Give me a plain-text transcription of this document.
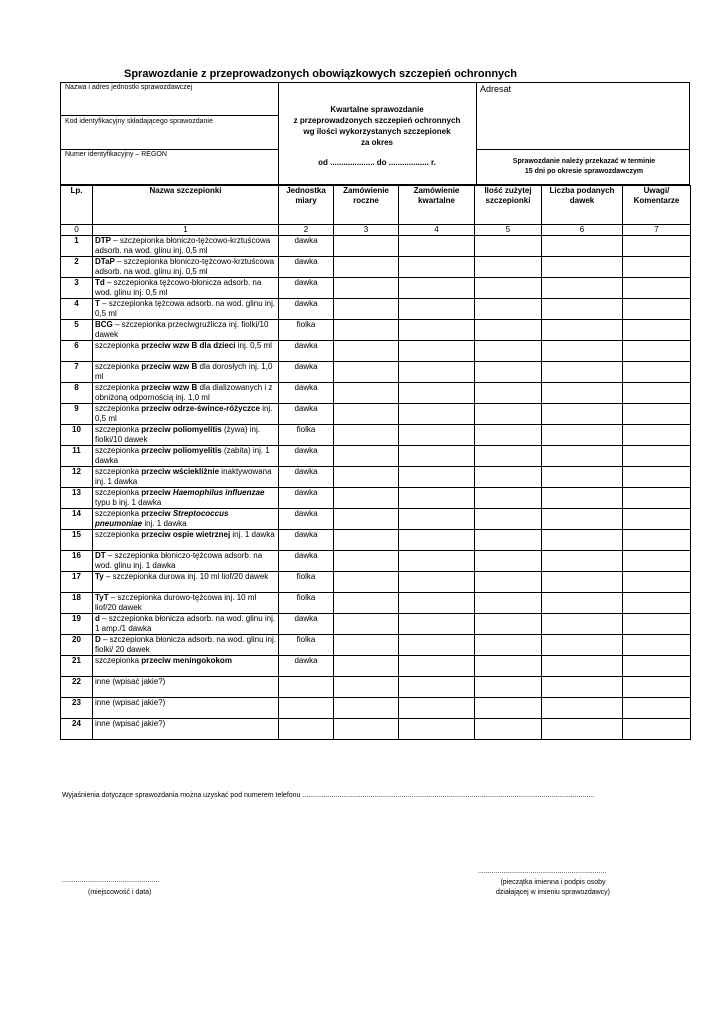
Sprawozdanie z przeprowadzonych obowiązkowych szczepień ochronnych
Nazwa i adres jednostki sprawozdawczej
Kod identyfikacyjny składającego sprawozdanie
Numer identyfikacyjny – REGON
Kwartalne sprawozdanie
z przeprowadzonych szczepień ochronnych
wg ilości wykorzystanych szczepionek
za okres
od .................... do .................. r.
Adresat
Sprawozdanie należy przekazać w terminie
15 dni po okresie sprawozdawczym
Lp.	Nazwa szczepionki	Jednostka miary	Zamówienie roczne	Zamówienie kwartalne	Ilość zużytej szczepionki	Liczba podanych dawek	Uwagi/ Komentarze
0	1	2	3	4	5	6	7
1	DTP – szczepionka błoniczo-tężcowo-krztuścowa adsorb. na wod. glinu inj. 0,5 ml	dawka					
2	DTaP – szczepionka błoniczo-tężcowo-krztuścowa adsorb. na wod. glinu inj. 0,5 ml	dawka					
3	Td – szczepionka tężcowo-błonicza adsorb. na wod. glinu inj. 0,5 ml	dawka					
4	T – szczepionka tężcowa adsorb. na wod. glinu inj. 0,5 ml	dawka					
5	BCG – szczepionka przeciwgruźlicza inj. fiolki/10 dawek	fiolka					
6	szczepionka przeciw wzw B dla dzieci inj. 0,5 ml	dawka					
7	szczepionka przeciw wzw B dla dorosłych inj. 1,0 ml	dawka					
8	szczepionka przeciw wzw B dla dializowanych i z obniżoną odpornością inj. 1,0 ml	dawka					
9	szczepionka przeciw odrze-śwince-różyczce inj. 0,5 ml	dawka					
10	szczepionka przeciw poliomyelitis (żywa) inj. fiolki/10 dawek	fiolka					
11	szczepionka przeciw poliomyelitis (zabita) inj. 1 dawka	dawka					
12	szczepionka przeciw wściekliźnie inaktywowana inj. 1 dawka	dawka					
13	szczepionka przeciw Haemophilus influenzae typu b inj. 1 dawka	dawka					
14	szczepionka przeciw Streptococcus pneumoniae inj. 1 dawka	dawka					
15	szczepionka przeciw ospie wietrznej inj. 1 dawka	dawka					
16	DT – szczepionka błoniczo-tężcowa adsorb. na wod. glinu inj. 1 dawka	dawka					
17	Ty – szczepionka durowa inj. 10 ml liof/20 dawek	fiolka					
18	TyT – szczepionka durowo-tężcowa inj. 10 ml liof/20 dawek	fiolka					
19	d – szczepionka błonicza adsorb. na wod. glinu inj. 1 amp./1 dawka	dawka					
20	D – szczepionka błonicza adsorb. na wod. glinu inj. fiolki/ 20 dawek	fiolka					
21	szczepionka przeciw meningokokom	dawka					
22	inne (wpisać jakie?)						
23	inne (wpisać jakie?)						
24	inne (wpisać jakie?)						
Wyjaśnienia dotyczące sprawozdania można uzyskać pod numerem telefonu ......................................................................................................................................................
..................................................
(miejscowość i data)
..................................................................
(pieczątka imienna i podpis osoby
działającej w imieniu sprawozdawcy)
